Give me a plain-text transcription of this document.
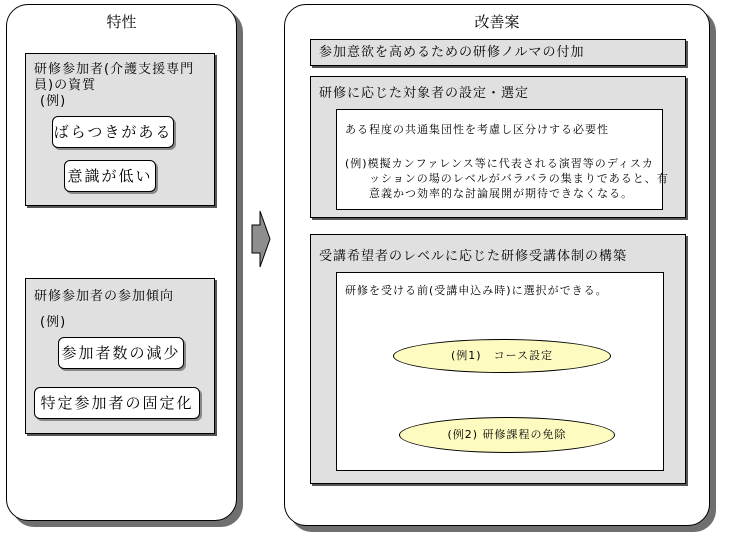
特性
研修参加者(介護支援専門
員)の資質
(例)
ばらつきがある
意識が低い
研修参加者の参加傾向
(例)
参加者数の減少
特定参加者の固定化
改善案
参加意欲を高めるための研修ノルマの付加
研修に応じた対象者の設定・選定
ある程度の共通集団性を考慮し区分けする必要性
(例)模擬カンファレンス等に代表される演習等のディスカ
ッションの場のレベルがバラバラの集まりであると、有
意義かつ効率的な討論展開が期待できなくなる。
受講希望者のレベルに応じた研修受講体制の構築
研修を受ける前(受講申込み時)に選択ができる。
(例1)　コース設定
(例2) 研修課程の免除
